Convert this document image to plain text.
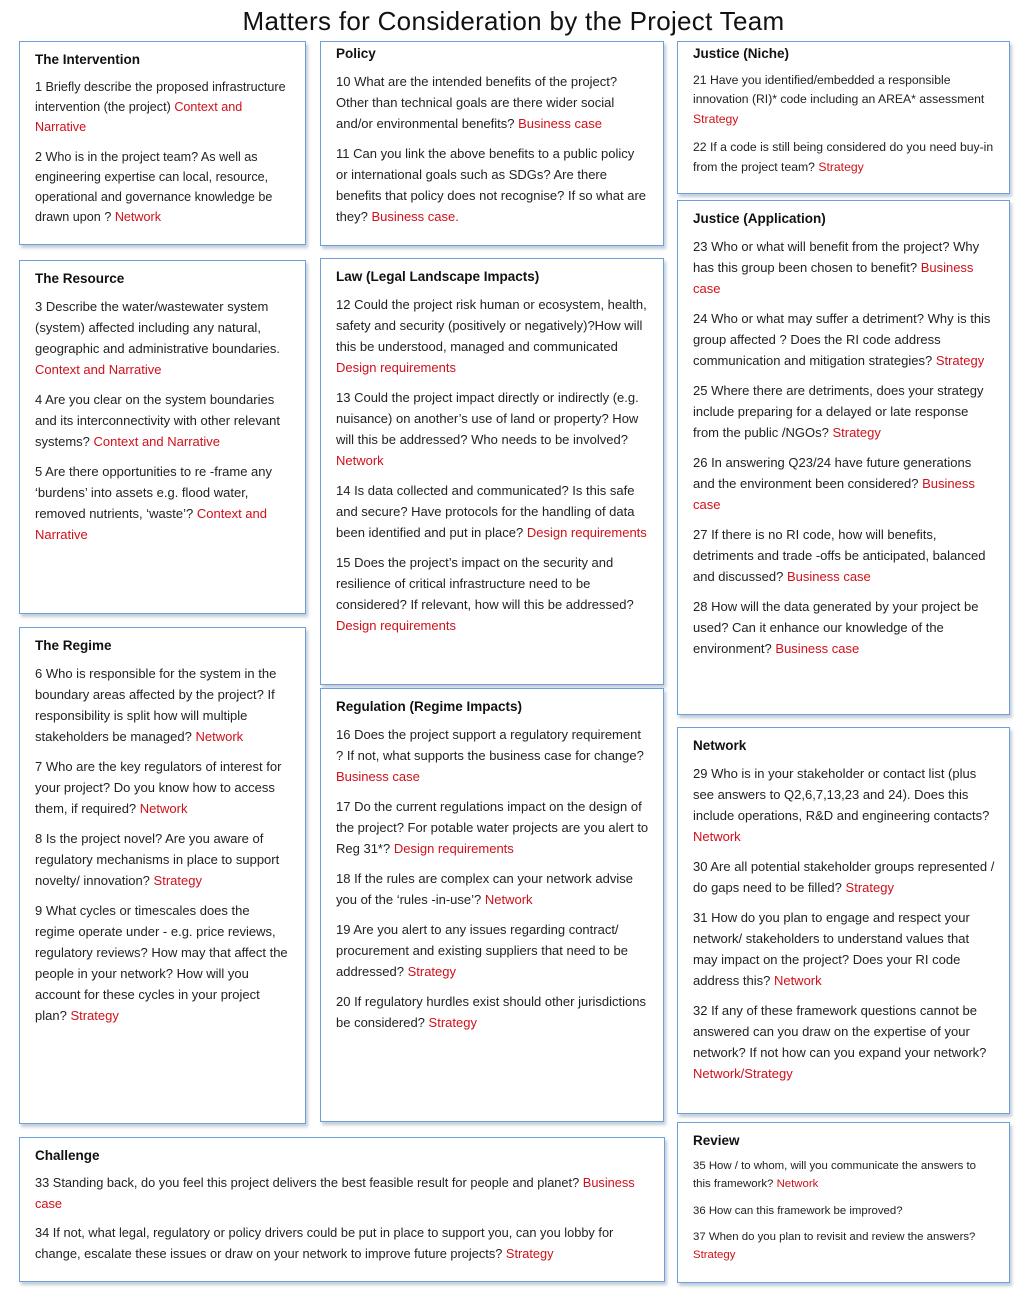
Matters for Consideration by the Project Team
The Intervention

1 Briefly describe the proposed infrastructure intervention (the project) Context and Narrative

2 Who is in the project team? As well as engineering expertise can local, resource, operational and governance knowledge be drawn upon ? Network

The Resource

3 Describe the water/wastewater system (system) affected including any natural, geographic and administrative boundaries. Context and Narrative

4 Are you clear on the system boundaries and its interconnectivity with other relevant systems? Context and Narrative

5 Are there opportunities to re -frame any ‘burdens’ into assets e.g. flood water, removed nutrients, ‘waste’? Context and Narrative

The Regime

6 Who is responsible for the system in the boundary areas affected by the project? If responsibility is split how will multiple stakeholders be managed? Network

7 Who are the key regulators of interest for your project? Do you know how to access them, if required? Network

8 Is the project novel? Are you aware of regulatory mechanisms in place to support novelty/ innovation? Strategy

9 What cycles or timescales does the regime operate under - e.g. price reviews, regulatory reviews? How may that affect the people in your network? How will you account for these cycles in your project plan? Strategy

Challenge

33 Standing back, do you feel this project delivers the best feasible result for people and planet? Business case

34 If not, what legal, regulatory or policy drivers could be put in place to support you, can you lobby for change, escalate these issues or draw on your network to improve future projects? Strategy

Policy

10 What are the intended benefits of the project? Other than technical goals are there wider social and/or environmental benefits? Business case

11 Can you link the above benefits to a public policy or international goals such as SDGs? Are there benefits that policy does not recognise? If so what are they? Business case.

Law (Legal Landscape Impacts)

12 Could the project risk human or ecosystem, health, safety and security (positively or negatively)?How will this be understood, managed and communicated Design requirements

13 Could the project impact directly or indirectly (e.g. nuisance) on another’s use of land or property? How will this be addressed? Who needs to be involved? Network

14 Is data collected and communicated? Is this safe and secure? Have protocols for the handling of data been identified and put in place? Design requirements

15 Does the project’s impact on the security and resilience of critical infrastructure need to be considered? If relevant, how will this be addressed? Design requirements

Regulation (Regime Impacts)

16 Does the project support a regulatory requirement ? If not, what supports the business case for change? Business case

17 Do the current regulations impact on the design of the project? For potable water projects are you alert to Reg 31*? Design requirements

18 If the rules are complex can your network advise you of the ‘rules -in-use’? Network

19 Are you alert to any issues regarding contract/ procurement and existing suppliers that need to be addressed? Strategy

20 If regulatory hurdles exist should other jurisdictions be considered? Strategy

Justice (Niche)

21 Have you identified/embedded a responsible innovation (RI)* code including an AREA* assessment Strategy

22 If a code is still being considered do you need buy-in from the project team? Strategy

Justice (Application)

23 Who or what will benefit from the project? Why has this group been chosen to benefit? Business case

24 Who or what may suffer a detriment? Why is this group affected ? Does the RI code address communication and mitigation strategies? Strategy

25 Where there are detriments, does your strategy include preparing for a delayed or late response from the public /NGOs? Strategy

26 In answering Q23/24 have future generations and the environment been considered? Business case

27 If there is no RI code, how will benefits, detriments and trade -offs be anticipated, balanced and discussed? Business case

28 How will the data generated by your project be used? Can it enhance our knowledge of the environment? Business case

Network

29 Who is in your stakeholder or contact list (plus see answers to Q2,6,7,13,23 and 24). Does this include operations, R&D and engineering contacts? Network

30 Are all potential stakeholder groups represented / do gaps need to be filled? Strategy

31 How do you plan to engage and respect your network/ stakeholders to understand values that may impact on the project? Does your RI code address this? Network

32 If any of these framework questions cannot be answered can you draw on the expertise of your network? If not how can you expand your network? Network/Strategy

Review

35 How / to whom, will you communicate the answers to this framework? Network

36 How can this framework be improved?

37 When do you plan to revisit and review the answers? Strategy
